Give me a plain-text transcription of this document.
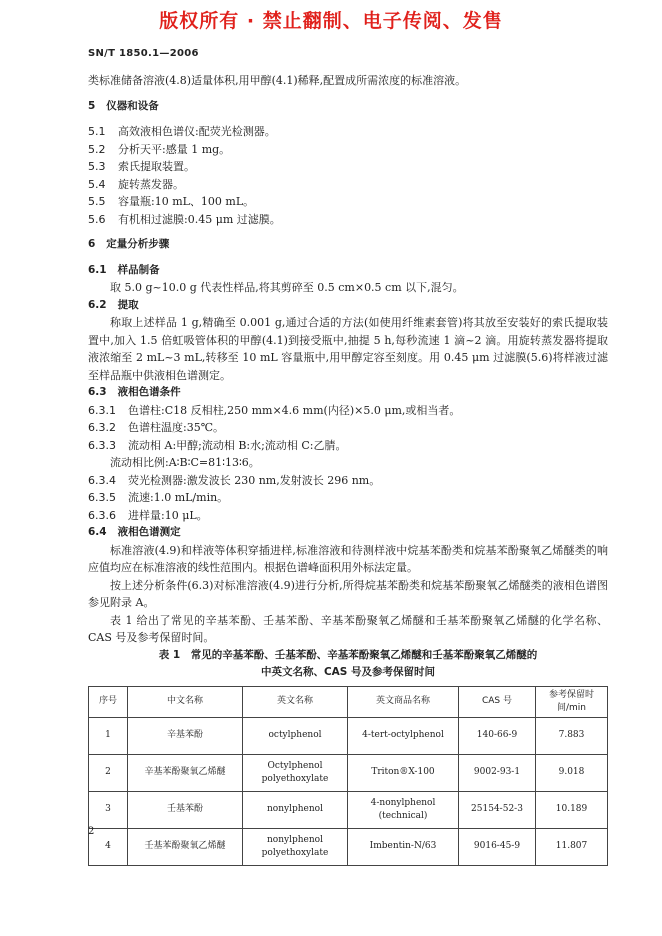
版权所有 · 禁止翻制、电子传阅、发售
SN/T 1850.1—2006

类标准储备溶液(4.8)适量体积,用甲醇(4.1)稀释,配置成所需浓度的标准溶液。

5 仪器和设备

5.1	高效液相色谱仪:配荧光检测器。

5.2	分析天平:感量 1 mg。

5.3	索氏提取装置。

5.4	旋转蒸发器。

5.5	容量瓶:10 mL、100 mL。

5.6	有机相过滤膜:0.45 μm 过滤膜。

6 定量分析步骤

6.1 样品制备

取 5.0 g~10.0 g 代表性样品,将其剪碎至 0.5 cm×0.5 cm 以下,混匀。

6.2 提取

称取上述样品 1 g,精确至 0.001 g,通过合适的方法(如使用纤维素套管)将其放至安装好的索氏提取装置中,加入 1.5 倍虹吸管体积的甲醇(4.1)到接受瓶中,抽提 5 h,每秒流速 1 滴~2 滴。用旋转蒸发器将提取液浓缩至 2 mL~3 mL,转移至 10 mL 容量瓶中,用甲醇定容至刻度。用 0.45 μm 过滤膜(5.6)将样液过滤至样品瓶中供液相色谱测定。

6.3 液相色谱条件

6.3.1	色谱柱:C18 反相柱,250 mm×4.6 mm(内径)×5.0 μm,或相当者。

6.3.2	色谱柱温度:35℃。

6.3.3	流动相 A:甲醇;流动相 B:水;流动相 C:乙腈。

流动相比例:A∶B∶C=81∶13∶6。

6.3.4	荧光检测器:激发波长 230 nm,发射波长 296 nm。

6.3.5	流速:1.0 mL/min。

6.3.6	进样量:10 μL。

6.4 液相色谱测定

标准溶液(4.9)和样液等体积穿插进样,标准溶液和待测样液中烷基苯酚类和烷基苯酚聚氧乙烯醚类的响应值均应在标准溶液的线性范围内。根据色谱峰面积用外标法定量。

按上述分析条件(6.3)对标准溶液(4.9)进行分析,所得烷基苯酚类和烷基苯酚聚氧乙烯醚类的液相色谱图参见附录 A。

表 1 给出了常见的辛基苯酚、壬基苯酚、辛基苯酚聚氧乙烯醚和壬基苯酚聚氧乙烯醚的化学名称、CAS 号及参考保留时间。

表 1　常见的辛基苯酚、壬基苯酚、辛基苯酚聚氧乙烯醚和壬基苯酚聚氧乙烯醚的

中英文名称、CAS 号及参考保留时间

序号	中文名称	英文名称	英文商品名称	CAS 号	参考保留时间/min
1	辛基苯酚	octylphenol	4-tert-octylphenol	140-66-9	7.883
2	辛基苯酚聚氧乙烯醚	Octylphenol polyethoxylate	Triton®X-100	9002-93-1	9.018
3	壬基苯酚	nonylphenol	4-nonylphenol (technical)	25154-52-3	10.189
4	壬基苯酚聚氧乙烯醚	nonylphenol polyethoxylate	Imbentin-N/63	9016-45-9	11.807
2
